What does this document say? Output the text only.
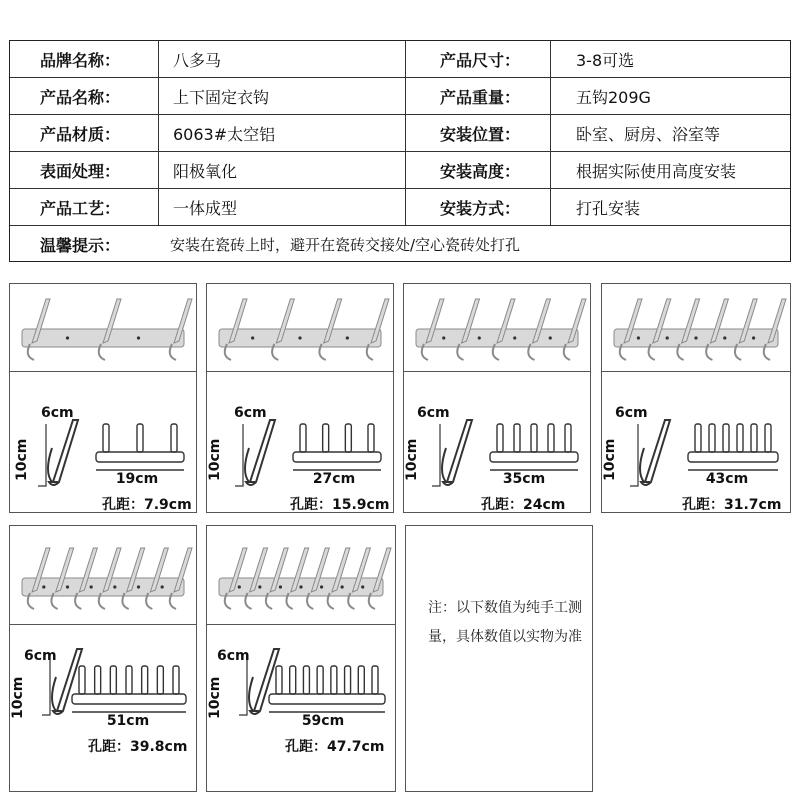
品牌名称：	八多马	产品尺寸：	3-8可选
产品名称：	上下固定衣钩	产品重量：	五钩209G
产品材质：	6063#太空铝	安装位置：	卧室、厨房、浴室等
表面处理：	阳极氧化	安装高度：	根据实际使用高度安装
产品工艺：	一体成型	安装方式：	打孔安装
温馨提示：	安装在瓷砖上时，避开在瓷砖交接处/空心瓷砖处打孔
6cm
10cm	19cm
孔距：7.9cm
6cm
10cm	27cm
孔距：15.9cm
6cm
10cm	35cm
孔距：24cm
6cm
10cm	43cm
孔距：31.7cm
6cm
10cm
51cm
孔距：39.8cm
6cm
10cm
59cm
孔距：47.7cm
注：以下数值为纯手工测量，具体数值以实物为准
